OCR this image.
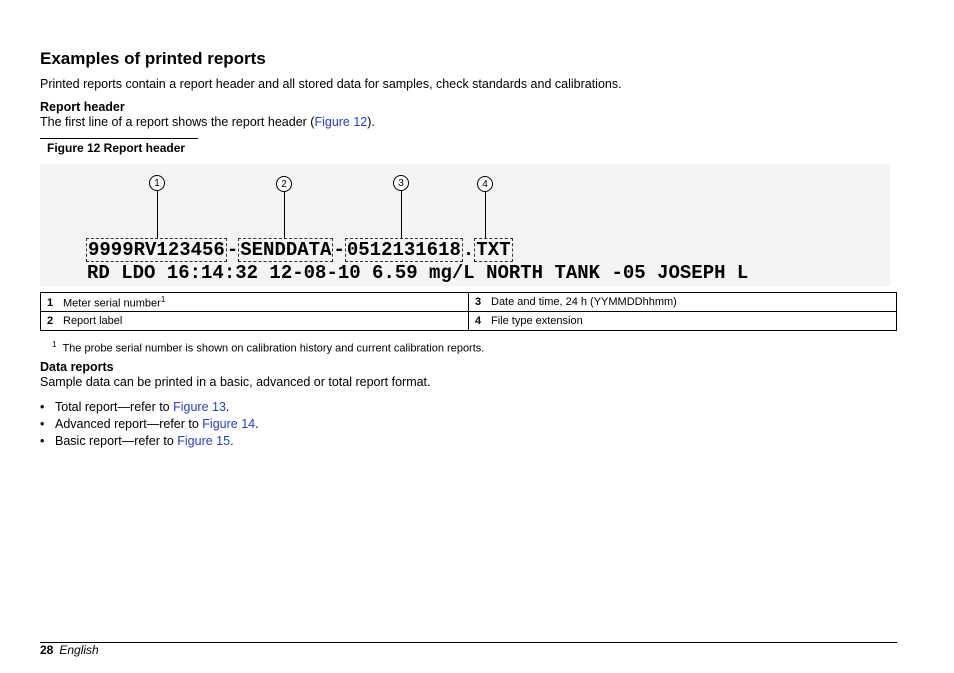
Examples of printed reports
Printed reports contain a report header and all stored data for samples, check standards and calibrations.
Report header
The first line of a report shows the report header (Figure 12).
Figure 12 Report header
1	2	3	4
9999RV123456 - SENDDATA - 0512131618 . TXT
RD LDO 16:14:32 12-08-10 6.59 mg/L NORTH TANK -05 JOSEPH L
1 Meter serial number$^1$	3 Date and time, 24 h (YYMMDDhhmm)
2 Report label	4 File type extension
$^1$ The probe serial number is shown on calibration history and current calibration reports.
Data reports
Sample data can be printed in a basic, advanced or total report format.
• Total report—refer to Figure 13.
• Advanced report—refer to Figure 14.
• Basic report—refer to Figure 15.
28 English
